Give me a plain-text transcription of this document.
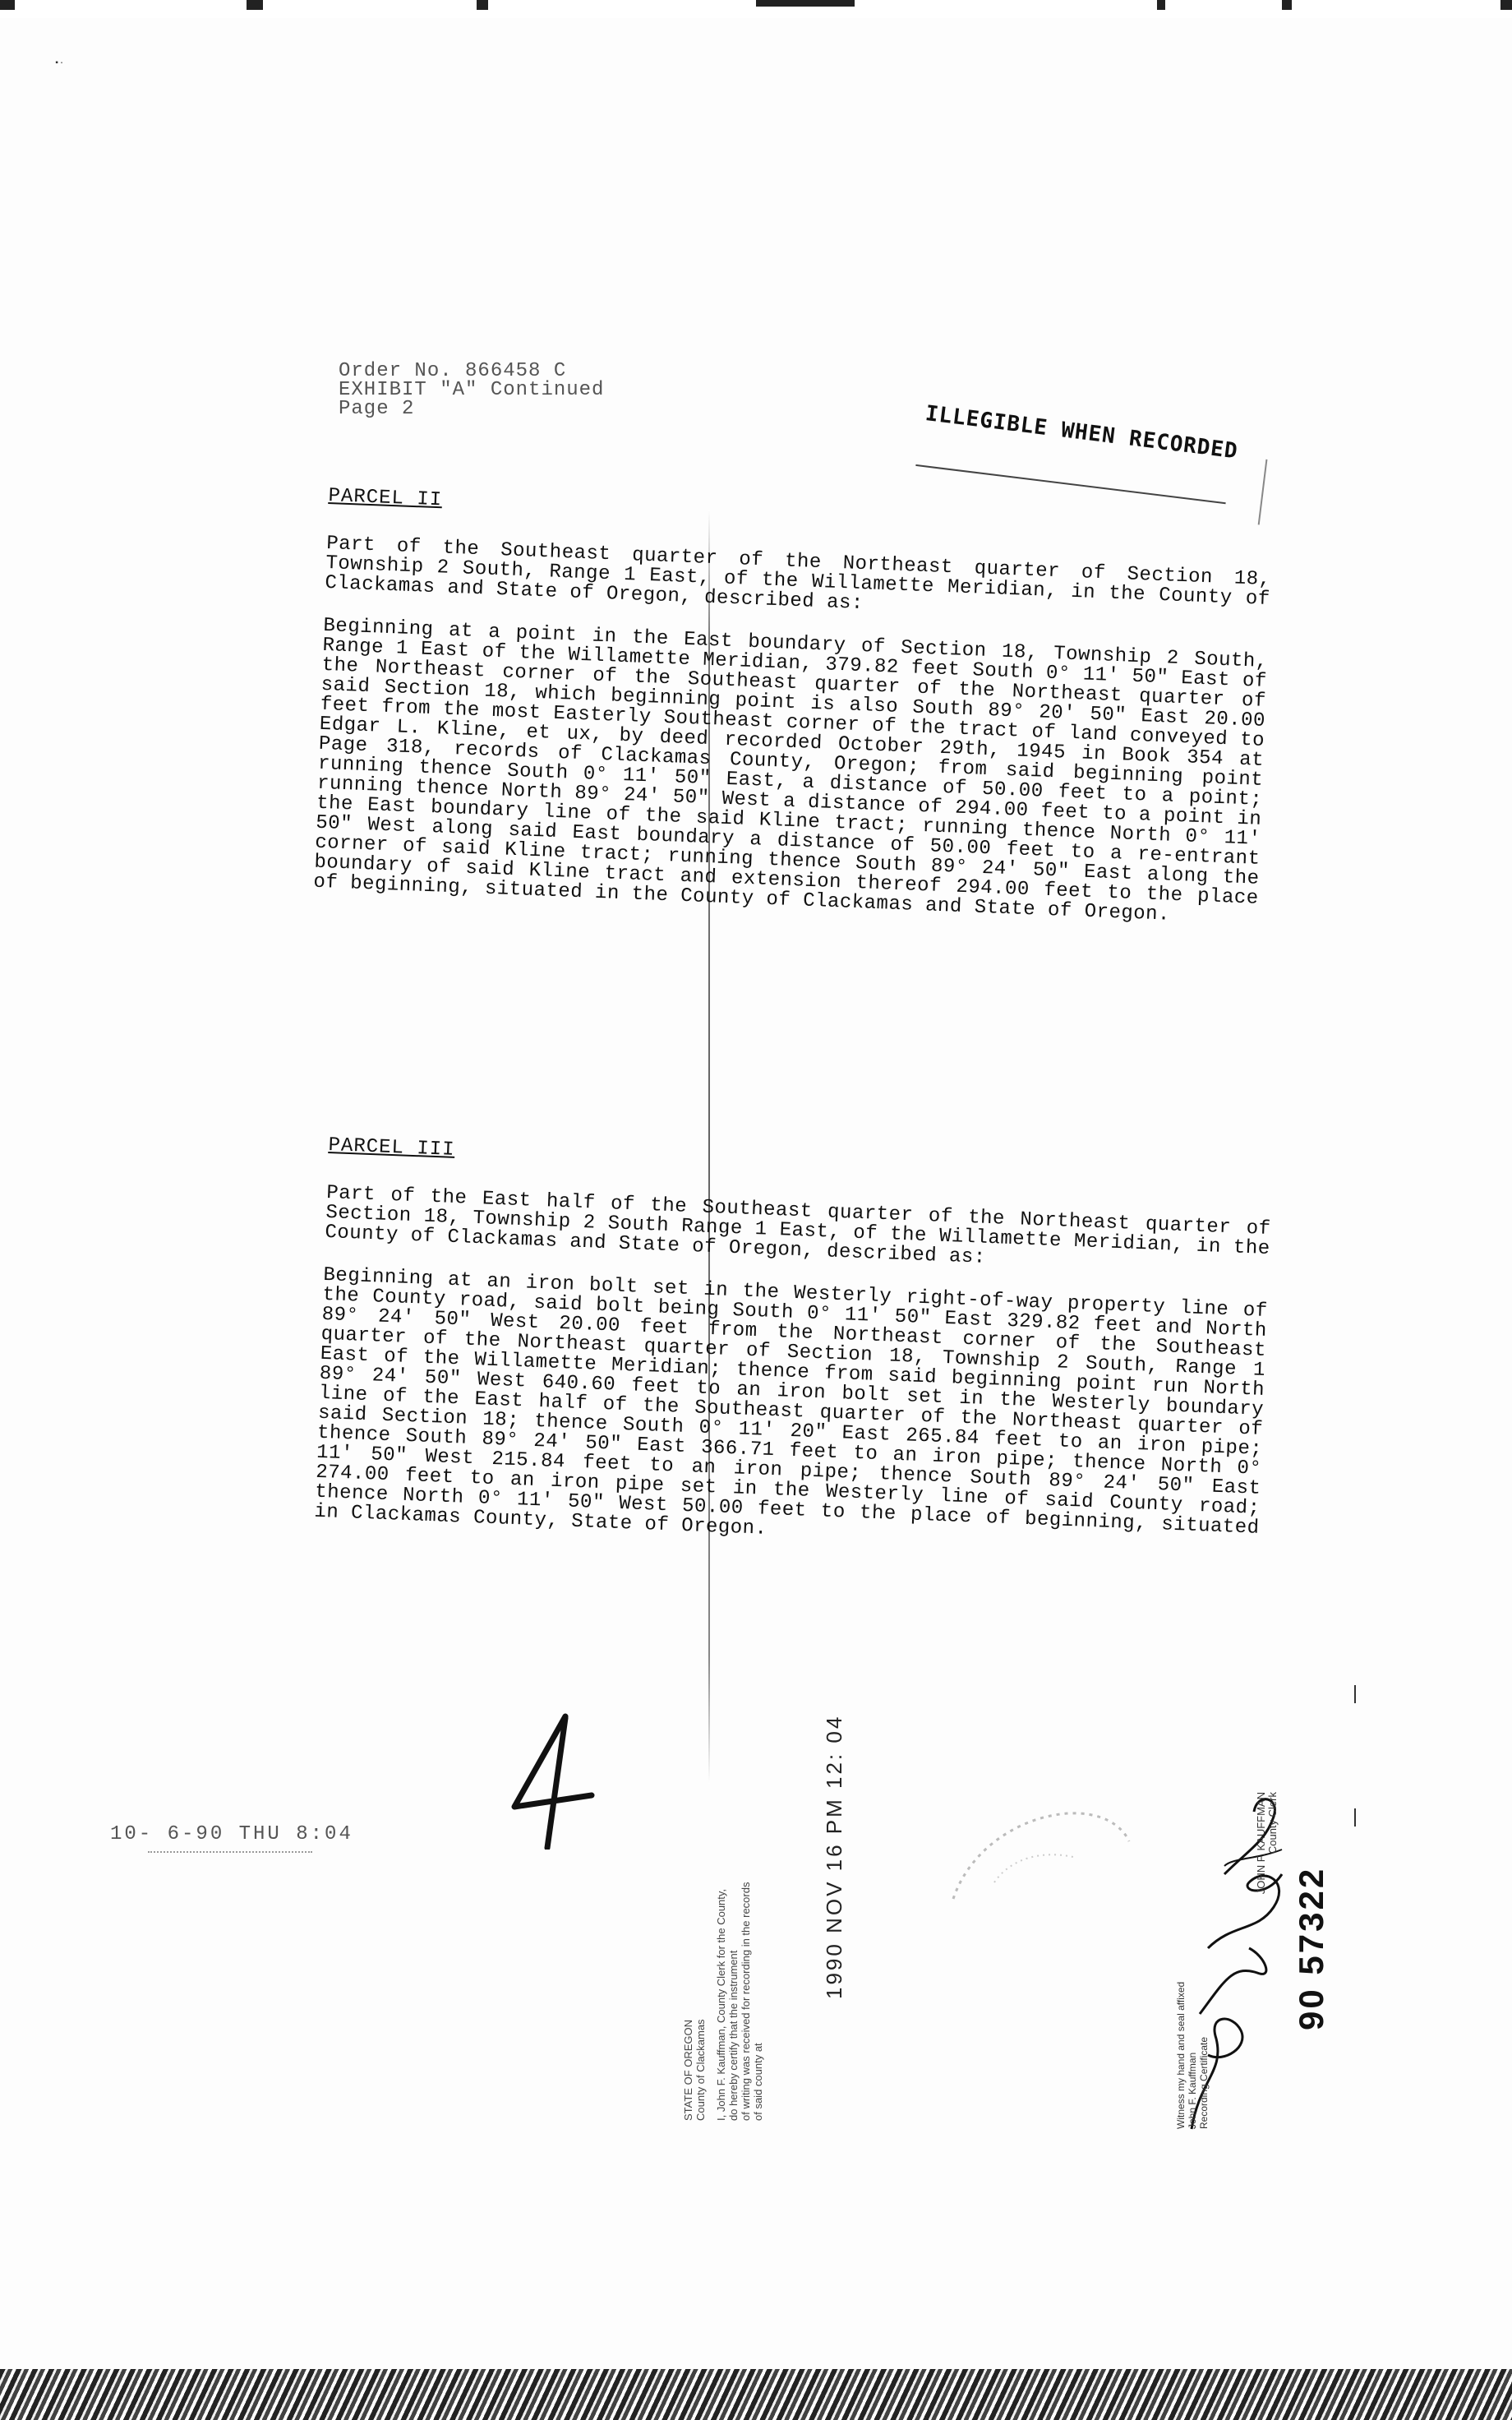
▪·
Order No. 866458 C
EXHIBIT "A" Continued
Page 2	ILLEGIBLE WHEN RECORDED
PARCEL II
Part of the Southeast quarter of the Northeast quarter of Section 18, Township 2 South, Range 1 East, of the Willamette Meridian, in the County of Clackamas and State of Oregon, described as:
Beginning at a point in the East boundary of Section 18, Township 2 South, Range 1 East of the Willamette Meridian, 379.82 feet South 0° 11' 50" East of the Northeast corner of the Southeast quarter of the Northeast quarter of said Section 18, which beginning point is also South 89° 20' 50" East 20.00 feet from the most Easterly Southeast corner of the tract of land conveyed to Edgar L. Kline, et ux, by deed recorded October 29th, 1945 in Book 354 at Page 318, records of Clackamas County, Oregon; from said beginning point running thence South 0° 11' 50" East, a distance of 50.00 feet to a point; running thence North 89° 24' 50" West a distance of 294.00 feet to a point in the East boundary line of the said Kline tract; running thence North 0° 11' 50" West along said East boundary a distance of 50.00 feet to a re-entrant corner of said Kline tract; running thence South 89° 24' 50" East along the boundary of said Kline tract and extension thereof 294.00 feet to the place of beginning, situated in the County of Clackamas and State of Oregon.
PARCEL III
Part of the East half of the Southeast quarter of the Northeast quarter of Section 18, Township 2 South Range 1 East, of the Willamette Meridian, in the County of Clackamas and State of Oregon, described as:
Beginning at an iron bolt set in the Westerly right-of-way property line of the County road, said bolt being South 0° 11' 50" East 329.82 feet and North 89° 24' 50" West 20.00 feet from the Northeast corner of the Southeast quarter of the Northeast quarter of Section 18, Township 2 South, Range 1 East of the Willamette Meridian; thence from said beginning point run North 89° 24' 50" West 640.60 feet to an iron bolt set in the Westerly boundary line of the East half of the Southeast quarter of the Northeast quarter of said Section 18; thence South 0° 11' 20" East 265.84 feet to an iron pipe; thence South 89° 24' 50" East 366.71 feet to an iron pipe; thence North 0° 11' 50" West 215.84 feet to an iron pipe; thence South 89° 24' 50" East 274.00 feet to an iron pipe set in the Westerly line of said County road; thence North 0° 11' 50" West 50.00 feet to the place of beginning, situated in Clackamas County, State of Oregon.
10- 6-90 THU 8:04
STATE OF OREGON County of Clackamas I, John F. Kauffman, County Clerk for the County, do hereby certify that the instrument of writing was received for recording in the records of said county at
1990 NOV 16 PM 12: 04
Witness my hand and seal affixed John F. Kauffman Recording Certificate
JOHN F. KAUFFMAN County Clerk
90 57322
